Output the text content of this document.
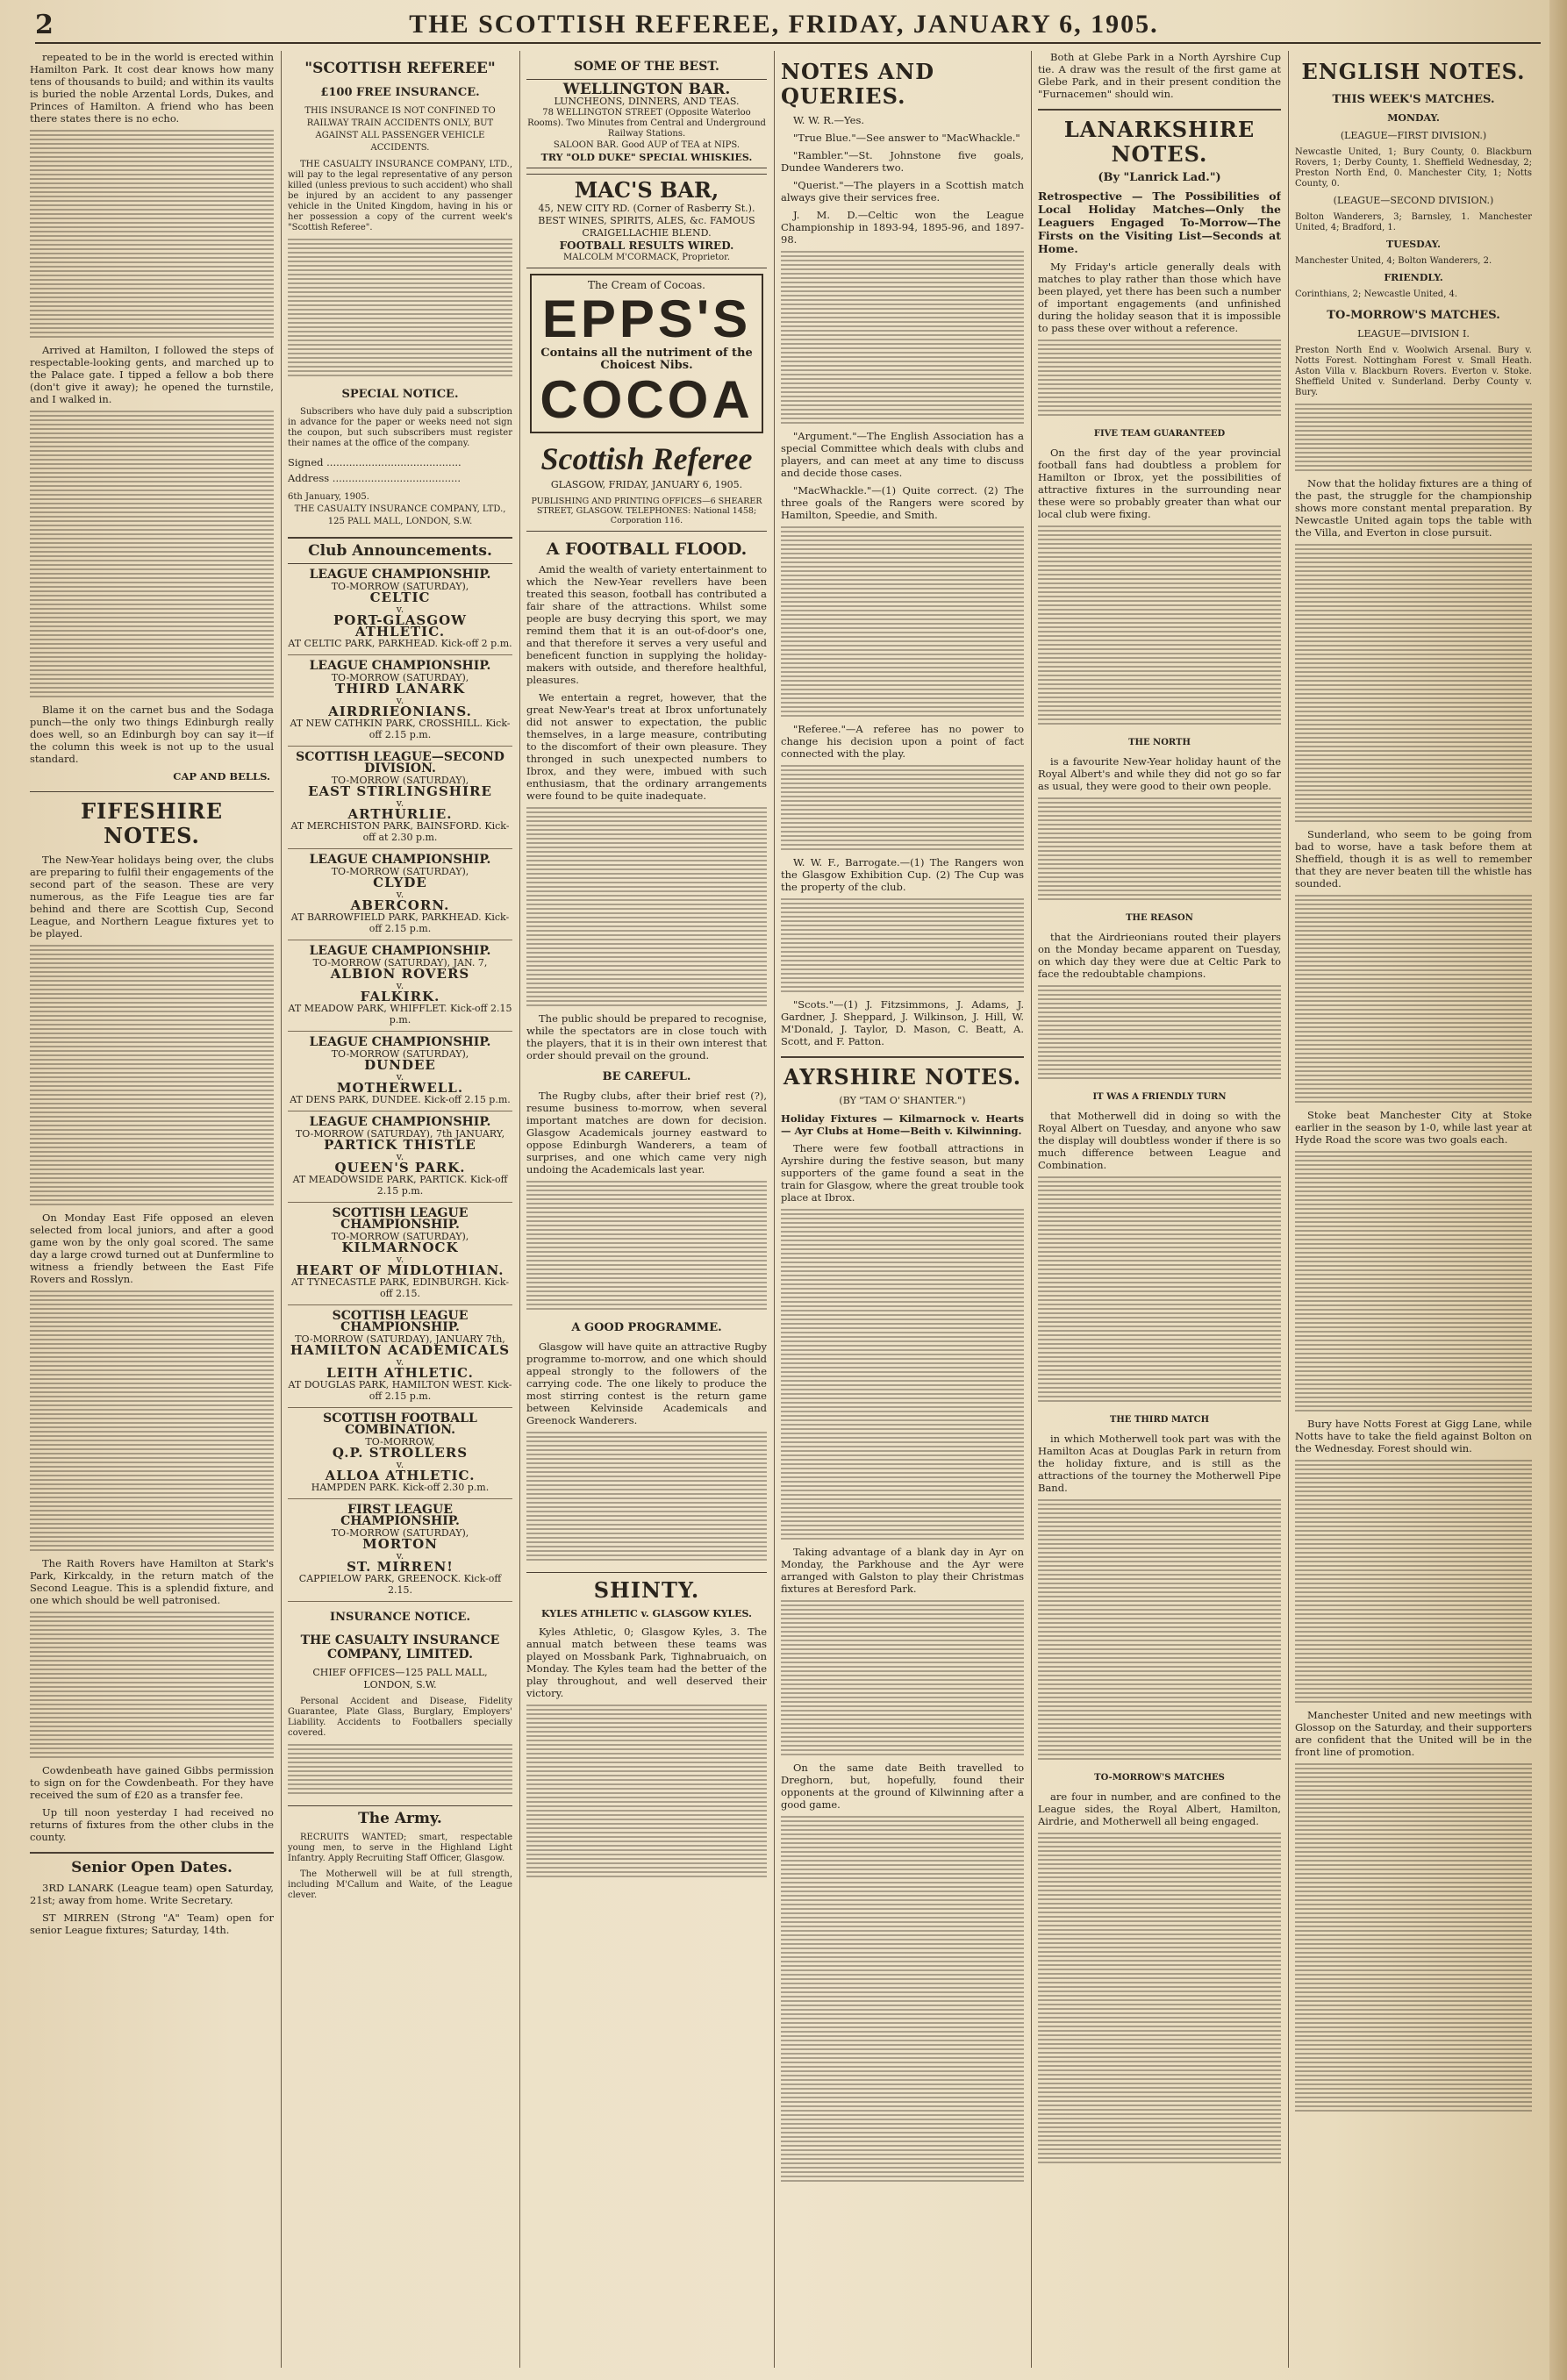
2	THE SCOTTISH REFEREE, FRIDAY, JANUARY 6, 1905.

repeated to be in the world is erected within Hamilton Park. It cost dear knows how many tens of thousands to build; and within its vaults is buried the noble Arzental Lords, Dukes, and Princes of Hamilton. A friend who has been there states there is no echo.

Arrived at Hamilton, I followed the steps of respectable-looking gents, and marched up to the Palace gate. I tipped a fellow a bob there (don't give it away); he opened the turnstile, and I walked in.

Blame it on the carnet bus and the Sodaga punch—the only two things Edinburgh really does well, so an Edinburgh boy can say it—if the column this week is not up to the usual standard.

CAP AND BELLS.
FIFESHIRE NOTES.

The New-Year holidays being over, the clubs are preparing to fulfil their engagements of the second part of the season. These are very numerous, as the Fife League ties are far behind and there are Scottish Cup, Second League, and Northern League fixtures yet to be played.

On Monday East Fife opposed an eleven selected from local juniors, and after a good game won by the only goal scored. The same day a large crowd turned out at Dunfermline to witness a friendly between the East Fife Rovers and Rosslyn.

The Raith Rovers have Hamilton at Stark's Park, Kirkcaldy, in the return match of the Second League. This is a splendid fixture, and one which should be well patronised.

Cowdenbeath have gained Gibbs permission to sign on for the Cowdenbeath. For they have received the sum of £20 as a transfer fee.

Up till noon yesterday I had received no returns of fixtures from the other clubs in the county.

Senior Open Dates.

3RD LANARK (League team) open Saturday, 21st; away from home. Write Secretary.

ST MIRREN (Strong "A" Team) open for senior League fixtures; Saturday, 14th.

"SCOTTISH REFEREE"
£100 FREE INSURANCE.

THIS INSURANCE IS NOT CONFINED TO RAILWAY TRAIN ACCIDENTS ONLY, BUT AGAINST ALL PASSENGER VEHICLE ACCIDENTS.

THE CASUALTY INSURANCE COMPANY, LTD., will pay to the legal representative of any person killed (unless previous to such accident) who shall be injured by an accident to any passenger vehicle in the United Kingdom, having in his or her possession a copy of the current week's "Scottish Referee".

SPECIAL NOTICE.

Subscribers who have duly paid a subscription in advance for the paper or weeks need not sign the coupon, but such subscribers must register their names at the office of the company.

Signed ..........................................
Address ........................................
6th January, 1905.

THE CASUALTY INSURANCE COMPANY, LTD., 125 PALL MALL, LONDON, S.W.

Club Announcements.
LEAGUE CHAMPIONSHIP.
TO-MORROW (SATURDAY),
CELTIC
v.
PORT-GLASGOW ATHLETIC.
AT CELTIC PARK, PARKHEAD. Kick-off 2 p.m.
LEAGUE CHAMPIONSHIP.
TO-MORROW (SATURDAY),
THIRD LANARK
v.
AIRDRIEONIANS.
AT NEW CATHKIN PARK, CROSSHILL. Kick-off 2.15 p.m.
SCOTTISH LEAGUE—SECOND DIVISION.
TO-MORROW (SATURDAY),
EAST STIRLINGSHIRE
v.
ARTHURLIE.
AT MERCHISTON PARK, BAINSFORD. Kick-off at 2.30 p.m.
LEAGUE CHAMPIONSHIP.
TO-MORROW (SATURDAY),
CLYDE
v.
ABERCORN.
AT BARROWFIELD PARK, PARKHEAD. Kick-off 2.15 p.m.
LEAGUE CHAMPIONSHIP.
TO-MORROW (SATURDAY), JAN. 7,
ALBION ROVERS
v.
FALKIRK.
AT MEADOW PARK, WHIFFLET. Kick-off 2.15 p.m.
LEAGUE CHAMPIONSHIP.
TO-MORROW (SATURDAY),
DUNDEE
v.
MOTHERWELL.
AT DENS PARK, DUNDEE. Kick-off 2.15 p.m.
LEAGUE CHAMPIONSHIP.
TO-MORROW (SATURDAY), 7th JANUARY,
PARTICK THISTLE
v.
QUEEN'S PARK.
AT MEADOWSIDE PARK, PARTICK. Kick-off 2.15 p.m.
SCOTTISH LEAGUE CHAMPIONSHIP.
TO-MORROW (SATURDAY),
KILMARNOCK
v.
HEART OF MIDLOTHIAN.
AT TYNECASTLE PARK, EDINBURGH. Kick-off 2.15.
SCOTTISH LEAGUE CHAMPIONSHIP.
TO-MORROW (SATURDAY), JANUARY 7th,
HAMILTON ACADEMICALS
v.
LEITH ATHLETIC.
AT DOUGLAS PARK, HAMILTON WEST. Kick-off 2.15 p.m.
SCOTTISH FOOTBALL COMBINATION.
TO-MORROW,
Q.P. STROLLERS
v.
ALLOA ATHLETIC.
HAMPDEN PARK. Kick-off 2.30 p.m.
FIRST LEAGUE CHAMPIONSHIP.
TO-MORROW (SATURDAY),
MORTON
v.
ST. MIRREN!
CAPPIELOW PARK, GREENOCK. Kick-off 2.15.
INSURANCE NOTICE.
THE CASUALTY INSURANCE COMPANY, LIMITED.
CHIEF OFFICES—125 PALL MALL, LONDON, S.W.

Personal Accident and Disease, Fidelity Guarantee, Plate Glass, Burglary, Employers' Liability. Accidents to Footballers specially covered.

The Army.

RECRUITS WANTED; smart, respectable young men, to serve in the Highland Light Infantry. Apply Recruiting Staff Officer, Glasgow.

The Motherwell will be at full strength, including M'Callum and Waite, of the League clever.

SOME OF THE BEST.
WELLINGTON BAR.
LUNCHEONS, DINNERS, AND TEAS.
78 WELLINGTON STREET (Opposite Waterloo Rooms). Two Minutes from Central and Underground Railway Stations.
SALOON BAR. Good AUP of TEA at NIPS.
TRY "OLD DUKE" SPECIAL WHISKIES.
MAC'S BAR,
45, NEW CITY RD. (Corner of Rasberry St.).
BEST WINES, SPIRITS, ALES, &c. FAMOUS CRAIGELLACHIE BLEND.
FOOTBALL RESULTS WIRED.
MALCOLM M'CORMACK, Proprietor.
The Cream of Cocoas.
EPPS'S
Contains all the nutriment of the Choicest Nibs.
COCOA
Scottish Referee
GLASGOW, FRIDAY, JANUARY 6, 1905.

PUBLISHING AND PRINTING OFFICES—6 SHEARER STREET, GLASGOW. TELEPHONES: National 1458; Corporation 116.

A FOOTBALL FLOOD.

Amid the wealth of variety entertainment to which the New-Year revellers have been treated this season, football has contributed a fair share of the attractions. Whilst some people are busy decrying this sport, we may remind them that it is an out-of-door's one, and that therefore it serves a very useful and beneficent function in supplying the holiday-makers with outside, and therefore healthful, pleasures.

We entertain a regret, however, that the great New-Year's treat at Ibrox unfortunately did not answer to expectation, the public themselves, in a large measure, contributing to the discomfort of their own pleasure. They thronged in such unexpected numbers to Ibrox, and they were, imbued with such enthusiasm, that the ordinary arrangements were found to be quite inadequate.

The public should be prepared to recognise, while the spectators are in close touch with the players, that it is in their own interest that order should prevail on the ground.

BE CAREFUL.

The Rugby clubs, after their brief rest (?), resume business to-morrow, when several important matches are down for decision. Glasgow Academicals journey eastward to oppose Edinburgh Wanderers, a team of surprises, and one which came very nigh undoing the Academicals last year.

A GOOD PROGRAMME.

Glasgow will have quite an attractive Rugby programme to-morrow, and one which should appeal strongly to the followers of the carrying code. The one likely to produce the most stirring contest is the return game between Kelvinside Academicals and Greenock Wanderers.

SHINTY.
KYLES ATHLETIC v. GLASGOW KYLES.

Kyles Athletic, 0; Glasgow Kyles, 3. The annual match between these teams was played on Mossbank Park, Tighnabruaich, on Monday. The Kyles team had the better of the play throughout, and well deserved their victory.

NOTES AND QUERIES.

W. W. R.—Yes.

"True Blue."—See answer to "MacWhackle."

"Rambler."—St. Johnstone five goals, Dundee Wanderers two.

"Querist."—The players in a Scottish match always give their services free.

J. M. D.—Celtic won the League Championship in 1893-94, 1895-96, and 1897-98.

"Argument."—The English Association has a special Committee which deals with clubs and players, and can meet at any time to discuss and decide those cases.

"MacWhackle."—(1) Quite correct. (2) The three goals of the Rangers were scored by Hamilton, Speedie, and Smith.

"Referee."—A referee has no power to change his decision upon a point of fact connected with the play.

W. W. F., Barrogate.—(1) The Rangers won the Glasgow Exhibition Cup. (2) The Cup was the property of the club.

"Scots."—(1) J. Fitzsimmons, J. Adams, J. Gardner, J. Sheppard, J. Wilkinson, J. Hill, W. M'Donald, J. Taylor, D. Mason, C. Beatt, A. Scott, and F. Patton.

AYRSHIRE NOTES.
(BY "TAM O' SHANTER.")

Holiday Fixtures — Kilmarnock v. Hearts — Ayr Clubs at Home—Beith v. Kilwinning.

There were few football attractions in Ayrshire during the festive season, but many supporters of the game found a seat in the train for Glasgow, where the great trouble took place at Ibrox.

Taking advantage of a blank day in Ayr on Monday, the Parkhouse and the Ayr were arranged with Galston to play their Christmas fixtures at Beresford Park.

On the same date Beith travelled to Dreghorn, but, hopefully, found their opponents at the ground of Kilwinning after a good game.

Both at Glebe Park in a North Ayrshire Cup tie. A draw was the result of the first game at Glebe Park, and in their present condition the "Furnacemen" should win.

LANARKSHIRE NOTES.
(By "Lanrick Lad.")

Retrospective — The Possibilities of Local Holiday Matches—Only the Leaguers Engaged To-Morrow—The Firsts on the Visiting List—Seconds at Home.

My Friday's article generally deals with matches to play rather than those which have been played, yet there has been such a number of important engagements (and unfinished during the holiday season that it is impossible to pass these over without a reference.

FIVE TEAM GUARANTEED

On the first day of the year provincial football fans had doubtless a problem for Hamilton or Ibrox, yet the possibilities of attractive fixtures in the surrounding near these were so probably greater than what our local club were fixing.

THE NORTH

is a favourite New-Year holiday haunt of the Royal Albert's and while they did not go so far as usual, they were good to their own people.

THE REASON

that the Airdrieonians routed their players on the Monday became apparent on Tuesday, on which day they were due at Celtic Park to face the redoubtable champions.

IT WAS A FRIENDLY TURN

that Motherwell did in doing so with the Royal Albert on Tuesday, and anyone who saw the display will doubtless wonder if there is so much difference between League and Combination.

THE THIRD MATCH

in which Motherwell took part was with the Hamilton Acas at Douglas Park in return from the holiday fixture, and is still as the attractions of the tourney the Motherwell Pipe Band.

TO-MORROW'S MATCHES

are four in number, and are confined to the League sides, the Royal Albert, Hamilton, Airdrie, and Motherwell all being engaged.

ENGLISH NOTES.
THIS WEEK'S MATCHES.
MONDAY.
(LEAGUE—FIRST DIVISION.)

Newcastle United, 1; Bury County, 0. Blackburn Rovers, 1; Derby County, 1. Sheffield Wednesday, 2; Preston North End, 0. Manchester City, 1; Notts County, 0.

(LEAGUE—SECOND DIVISION.)

Bolton Wanderers, 3; Barnsley, 1. Manchester United, 4; Bradford, 1.

TUESDAY.

Manchester United, 4; Bolton Wanderers, 2.

FRIENDLY.

Corinthians, 2; Newcastle United, 4.

TO-MORROW'S MATCHES.
LEAGUE—DIVISION I.

Preston North End v. Woolwich Arsenal. Bury v. Notts Forest. Nottingham Forest v. Small Heath. Aston Villa v. Blackburn Rovers. Everton v. Stoke. Sheffield United v. Sunderland. Derby County v. Bury.

Now that the holiday fixtures are a thing of the past, the struggle for the championship shows more constant mental preparation. By Newcastle United again tops the table with the Villa, and Everton in close pursuit.

Sunderland, who seem to be going from bad to worse, have a task before them at Sheffield, though it is as well to remember that they are never beaten till the whistle has sounded.

Stoke beat Manchester City at Stoke earlier in the season by 1-0, while last year at Hyde Road the score was two goals each.

Bury have Notts Forest at Gigg Lane, while Notts have to take the field against Bolton on the Wednesday. Forest should win.

Manchester United and new meetings with Glossop on the Saturday, and their supporters are confident that the United will be in the front line of promotion.
